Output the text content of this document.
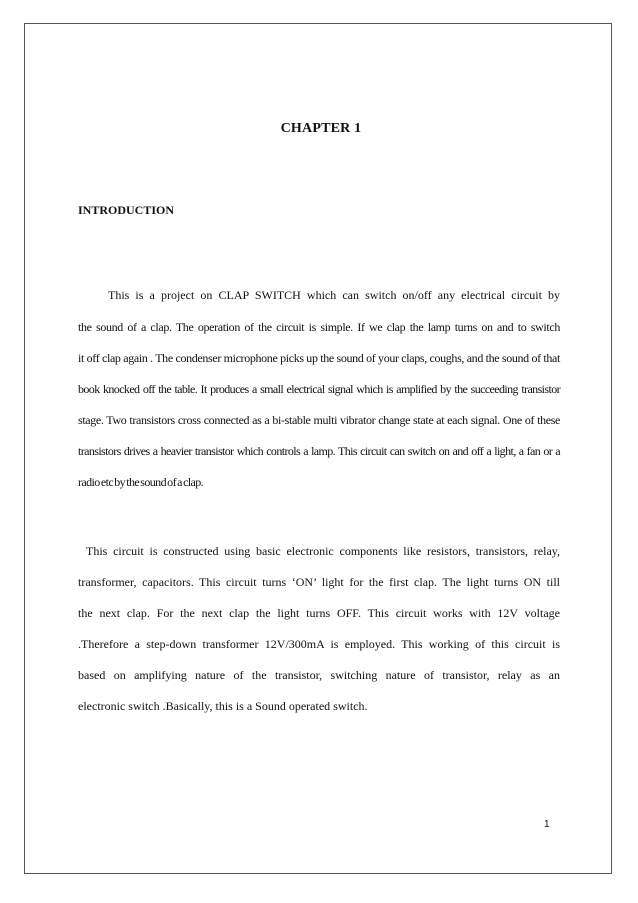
CHAPTER 1
INTRODUCTION
This is a project on CLAP SWITCH which can switch on/off any electrical circuit by
the sound of a clap. The operation of the circuit is simple. If we clap the lamp turns on and to switch
it off clap again . The condenser microphone picks up the sound of your claps, coughs, and the sound of that
book knocked off the table. It produces a small electrical signal which is amplified by the succeeding transistor
stage. Two transistors cross connected as a bi-stable multi vibrator change state at each signal. One of these
transistors drives a heavier transistor which controls a lamp. This circuit can switch on and off a light, a fan or a
radio etc by the sound of a clap.
This circuit is constructed using basic electronic components like resistors, transistors, relay,
transformer, capacitors. This circuit turns ‘ON’ light for the first clap. The light turns ON till
the next clap. For the next clap the light turns OFF. This circuit works with 12V voltage
.Therefore a step-down transformer 12V/300mA is employed. This working of this circuit is
based on amplifying nature of the transistor, switching nature of transistor, relay as an
electronic switch .Basically, this is a Sound operated switch.
1
